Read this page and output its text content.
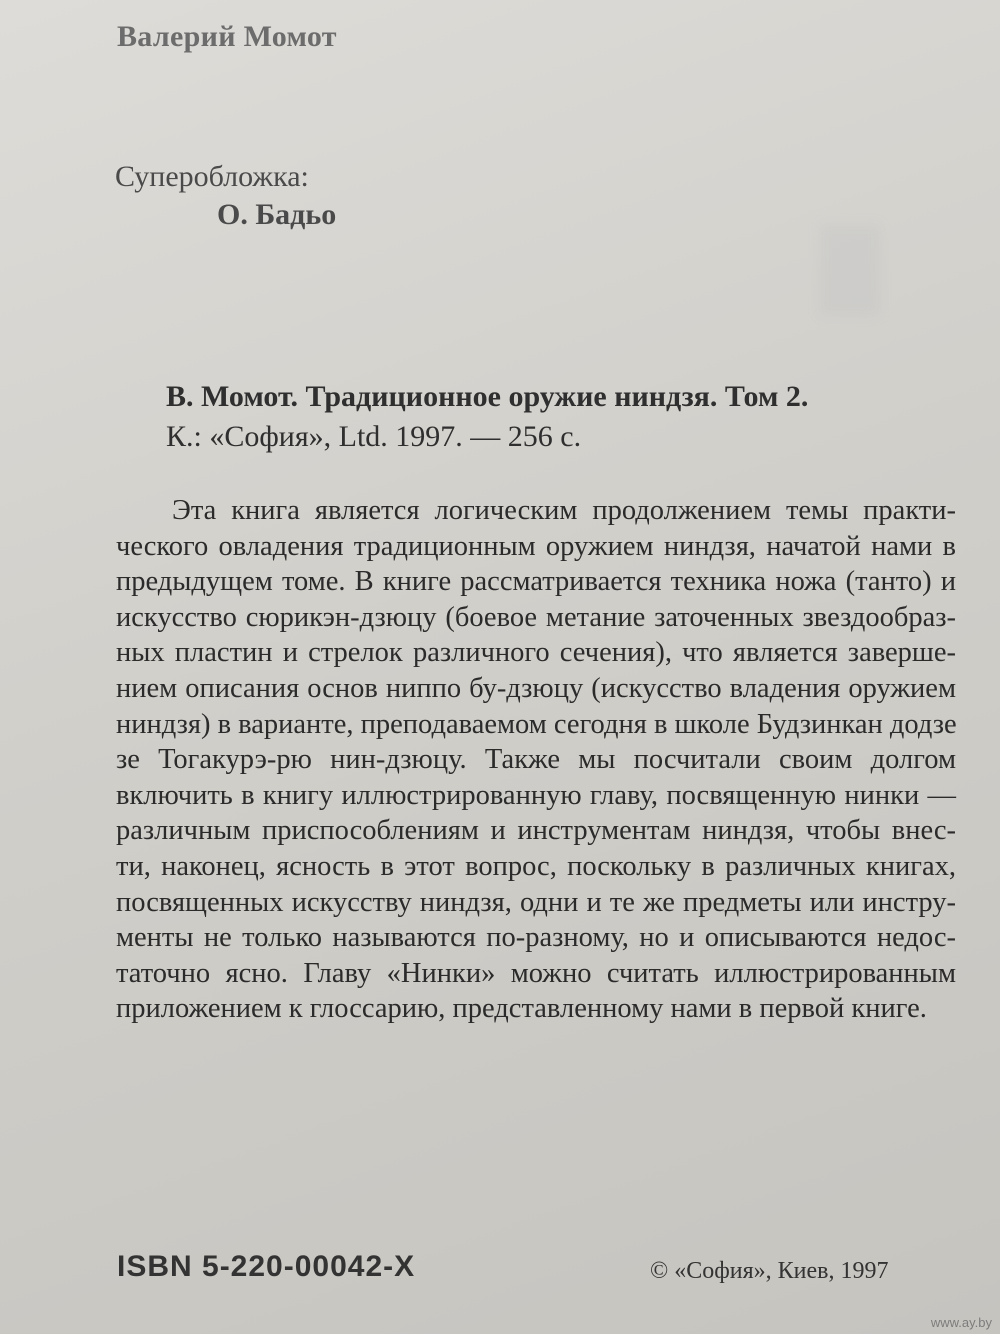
Валерий Момот
Суперобложка:
О. Бадьо
В. Момот. Традиционное оружие ниндзя. Том 2.
К.: «София», Ltd. 1997. — 256 с.
Эта книга является логическим продолжением темы практи-
ческого овладения традиционным оружием ниндзя, начатой нами в
предыдущем томе. В книге рассматривается техника ножа (танто) и
искусство сюрикэн-дзюцу (боевое метание заточенных звездообраз-
ных пластин и стрелок различного сечения), что является заверше-
нием описания основ ниппо бу-дзюцу (искусство владения оружием
ниндзя) в варианте, преподаваемом сегодня в школе Будзинкан додзе
зе Тогакурэ-рю нин-дзюцу. Также мы посчитали своим долгом
включить в книгу иллюстрированную главу, посвященную нинки —
различным приспособлениям и инструментам ниндзя, чтобы внес-
ти, наконец, ясность в этот вопрос, поскольку в различных книгах,
посвященных искусству ниндзя, одни и те же предметы или инстру-
менты не только называются по-разному, но и описываются недос-
таточно ясно. Главу «Нинки» можно считать иллюстрированным
приложением к глоссарию, представленному нами в первой книге.
ISBN 5-220-00042-X	© «София», Киев, 1997
www.ay.by
